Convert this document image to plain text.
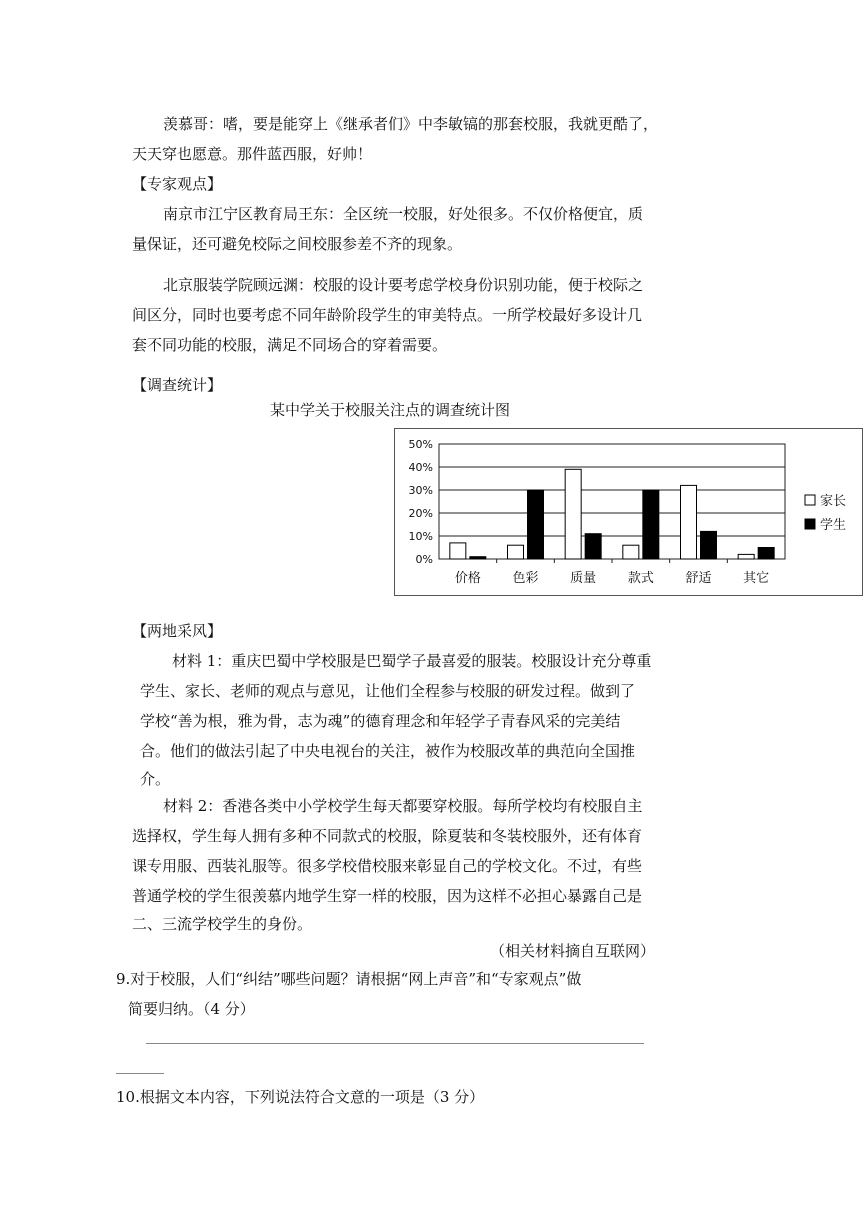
羡慕哥：嗜，要是能穿上《继承者们》中李敏镐的那套校服，我就更酷了，
天天穿也愿意。那件蓝西服，好帅！
【专家观点】
南京市江宁区教育局王东：全区统一校服，好处很多。不仅价格便宜，质
量保证，还可避免校际之间校服参差不齐的现象。
北京服装学院顾远渊：校服的设计要考虑学校身份识别功能，便于校际之
间区分，同时也要考虑不同年龄阶段学生的审美特点。一所学校最好多设计几
套不同功能的校服，满足不同场合的穿着需要。
【调查统计】
某中学关于校服关注点的调查统计图
0%
10%
20%
30%
40%
50%
价格 色彩 质量 款式 舒适 其它
家长
学生
【两地采风】
材料 1：重庆巴蜀中学校服是巴蜀学子最喜爱的服装。校服设计充分尊重
学生、家长、老师的观点与意见，让他们全程参与校服的研发过程。做到了
学校“善为根，雅为骨，志为魂”的德育理念和年轻学子青春风采的完美结
合。他们的做法引起了中央电视台的关注，被作为校服改革的典范向全国推
介。
材料 2：香港各类中小学校学生每天都要穿校服。每所学校均有校服自主
选择权，学生每人拥有多种不同款式的校服，除夏装和冬装校服外，还有体育
课专用服、西装礼服等。很多学校借校服来彰显自己的学校文化。不过，有些
普通学校的学生很羡慕内地学生穿一样的校服，因为这样不必担心暴露自己是
二、三流学校学生的身份。
（相关材料摘自互联网）
9.对于校服，人们“纠结”哪些问题？请根据“网上声音”和“专家观点”做
简要归纳。（4 分）
10.根据文本内容，下列说法符合文意的一项是（3 分）
